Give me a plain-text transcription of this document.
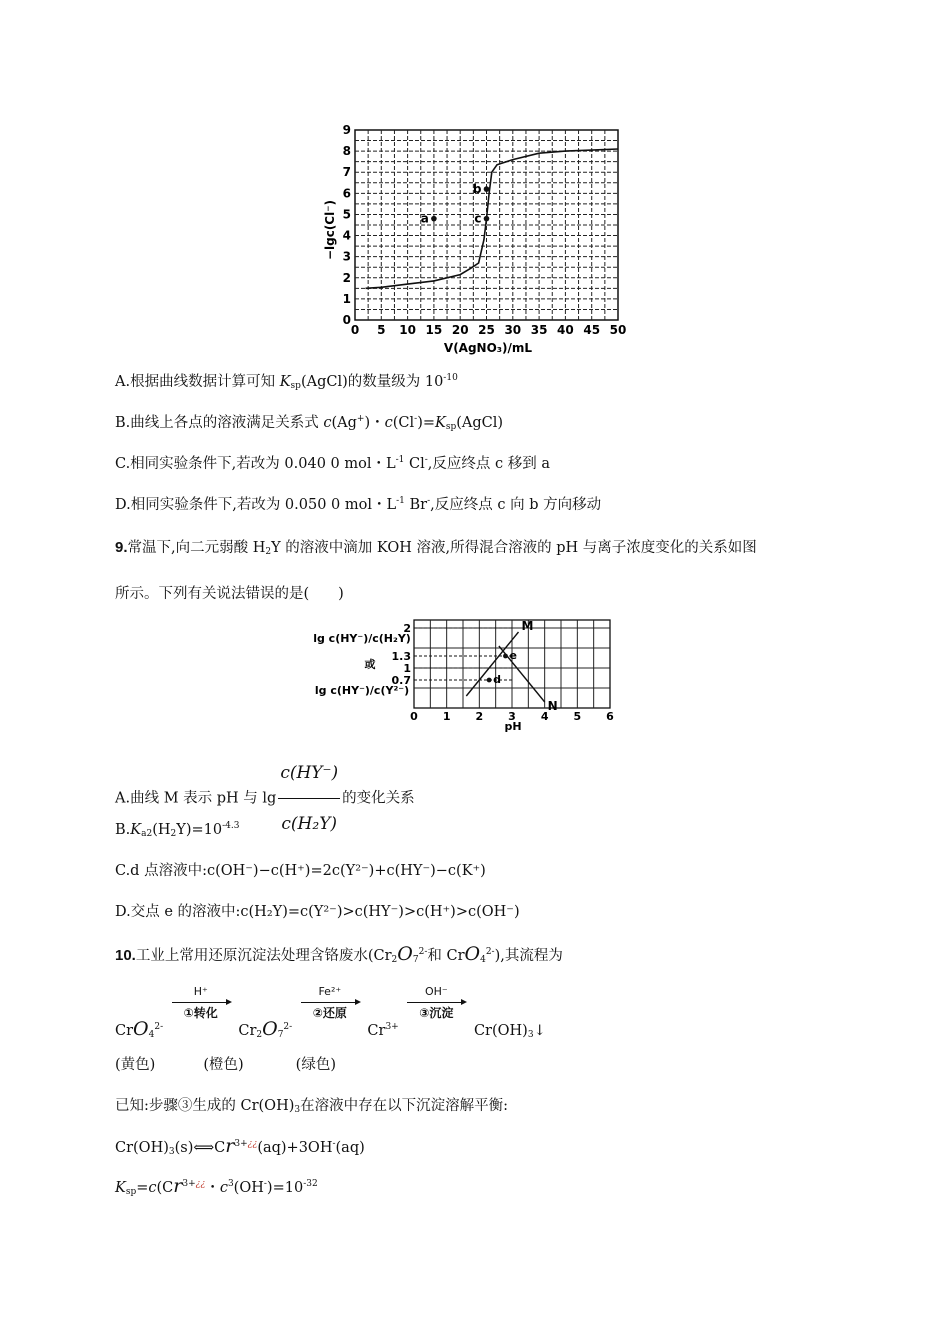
a
b
c
0 5 10 15 20 25 30 35 40 45 50
0
1
2
3
4
5
6
7
8
9
−lgc(Cl⁻)
V(AgNO₃)/mL
A.根据曲线数据计算可知 $K_{sp}(AgCl)$的数量级为 $10^{-10}$
B.曲线上各点的溶液满足关系式 c(Ag+)・$c(Cl^-)=K_{sp}(AgCl)$
C.相同实验条件下,若改为 0.040 0 mol・$L^{-1}$ Cl-,反应终点 c 移到 a
D.相同实验条件下,若改为 0.050 0 mol・$L^{-1}$ Br-,反应终点 c 向 b 方向移动
9.常温下,向二元弱酸 $H_2Y$ 的溶液中滴加 KOH 溶液,所得混合溶液的 pH 与离子浓度变化的关系如图
所示。下列有关说法错误的是(　　)
lg c(HY⁻)/c(H₂Y)
或
lg c(HY⁻)/c(Y²⁻)
M
N
d
e
0 1 2 3 4 5 6
0.7
1
1.3
2
pH
A.曲线 M 表示 pH 与 $\lg \frac{c(HY^-)}{\text{c(H₂Y)}}$ 的变化关系
$B.K_{a2}(H_2Y)=10^{-4.3}$
C.d 点溶液中:c(OH⁻)−c(H⁺)=2c(Y²⁻)+c(HY⁻)−c(K⁺)
D.交点 e 的溶液中:c(H₂Y)=c(Y²⁻)>c(HY⁻)>c(H⁺)>c(OH⁻)
10.工业上常用还原沉淀法处理含铬废水($Cr_2O_7^{2-}$和 CrO$_4^{2-}$),其流程为
CrO$_4^{2-}$
H⁺
①转化
$Cr_2O_7^{2-}$
Fe²⁺
②还原
$Cr^{3+}$
OH⁻
③沉淀
$Cr(OH)_3↓$
(黄色)	(橙色)	(绿色)
已知:步骤③生成的 $Cr(OH)_3$在溶液中存在以下沉淀溶解平衡:
$Cr(OH)_3(s)⟺Cr^{3+¿¿}(aq)+3OH^-(aq)$
$K_{sp}=c(Cr^{3+¿¿}$・$c^3(OH^-)=10^{-32}$
